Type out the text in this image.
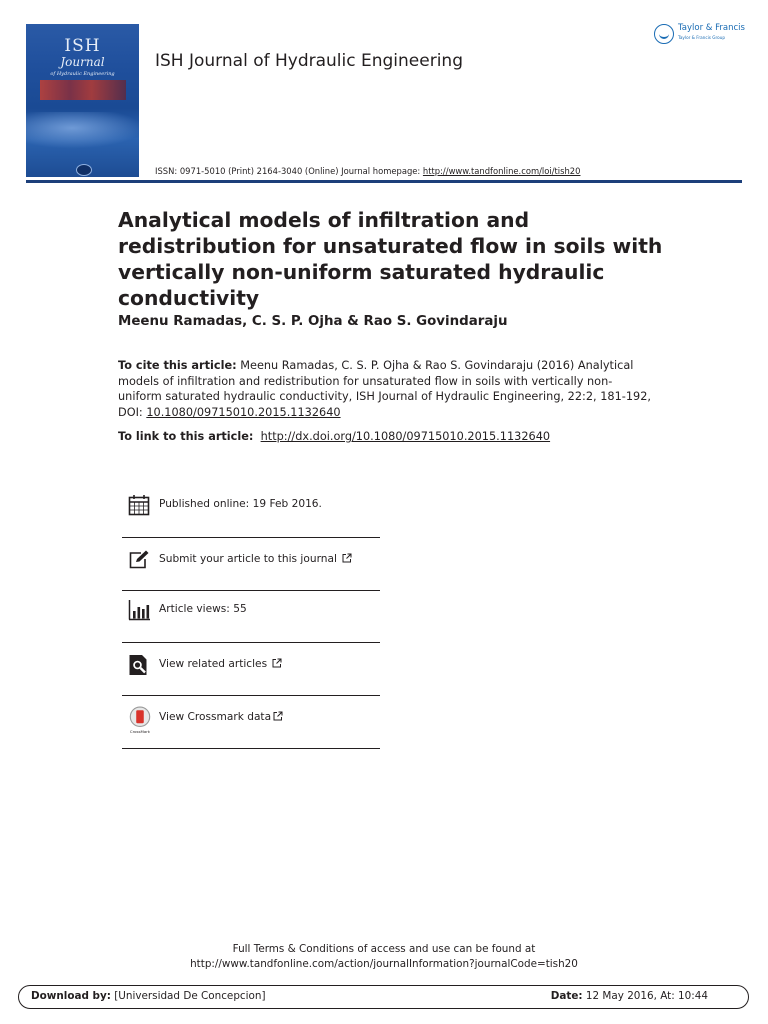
ISH
Journal
of Hydraulic Engineering
ISH Journal of Hydraulic Engineering
ISSN: 0971-5010 (Print) 2164-3040 (Online) Journal homepage: http://www.tandfonline.com/loi/tish20
Taylor & Francis
Taylor & Francis Group
Analytical models of infiltration and redistribution for unsaturated flow in soils with vertically non-uniform saturated hydraulic conductivity
Meenu Ramadas, C. S. P. Ojha & Rao S. Govindaraju
To cite this article: Meenu Ramadas, C. S. P. Ojha & Rao S. Govindaraju (2016) Analytical models of infiltration and redistribution for unsaturated flow in soils with vertically non-uniform saturated hydraulic conductivity, ISH Journal of Hydraulic Engineering, 22:2, 181-192, DOI: 10.1080/09715010.2015.1132640
To link to this article: http://dx.doi.org/10.1080/09715010.2015.1132640
Published online: 19 Feb 2016.
Submit your article to this journal
Article views: 55
View related articles
CrossMark
View Crossmark data
Full Terms & Conditions of access and use can be found at
http://www.tandfonline.com/action/journalInformation?journalCode=tish20
Download by: [Universidad De Concepcion]	Date: 12 May 2016, At: 10:44
